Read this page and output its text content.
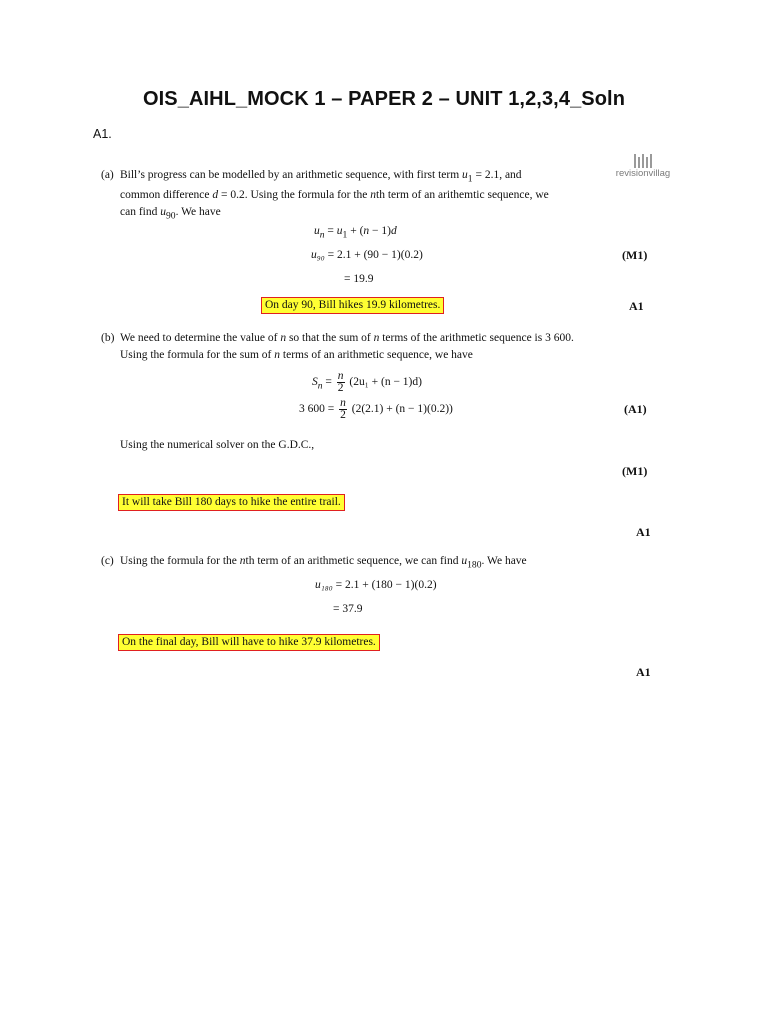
OIS_AIHL_MOCK 1 – PAPER 2 – UNIT 1,2,3,4_Soln
A1.
revisionvillag
(a) Bill’s progress can be modelled by an arithmetic sequence, with first term $u_1 = 2.1$, and
common difference d = 0.2. Using the formula for the nth term of an arithemtic sequence, we
can find $u_{90}$. We have
$u_n = u_1 + (n - 1)d$
u₉₀ = 2.1 + (90 − 1)(0.2)	(M1)
= 19.9
On day 90, Bill hikes 19.9 kilometres.	A1
(b) We need to determine the value of n so that the sum of n terms of the arithmetic sequence is 3 600.
Using the formula for the sum of n terms of an arithmetic sequence, we have
$S_n = \frac{n}{2} (2u_1 + (n - 1)d)$
3 $600 = \frac{n}{2} (2(2.1) + (n - 1)(0.2))$	(A1)
Using the numerical solver on the G.D.C.,
(M1)
It will take Bill 180 days to hike the entire trail.
A1
(c) Using the formula for the nth term of an arithmetic sequence, we can find $u_{180}$. We have
u₁₈₀ = 2.1 + (180 − 1)(0.2)
= 37.9
On the final day, Bill will have to hike 37.9 kilometres.
A1
